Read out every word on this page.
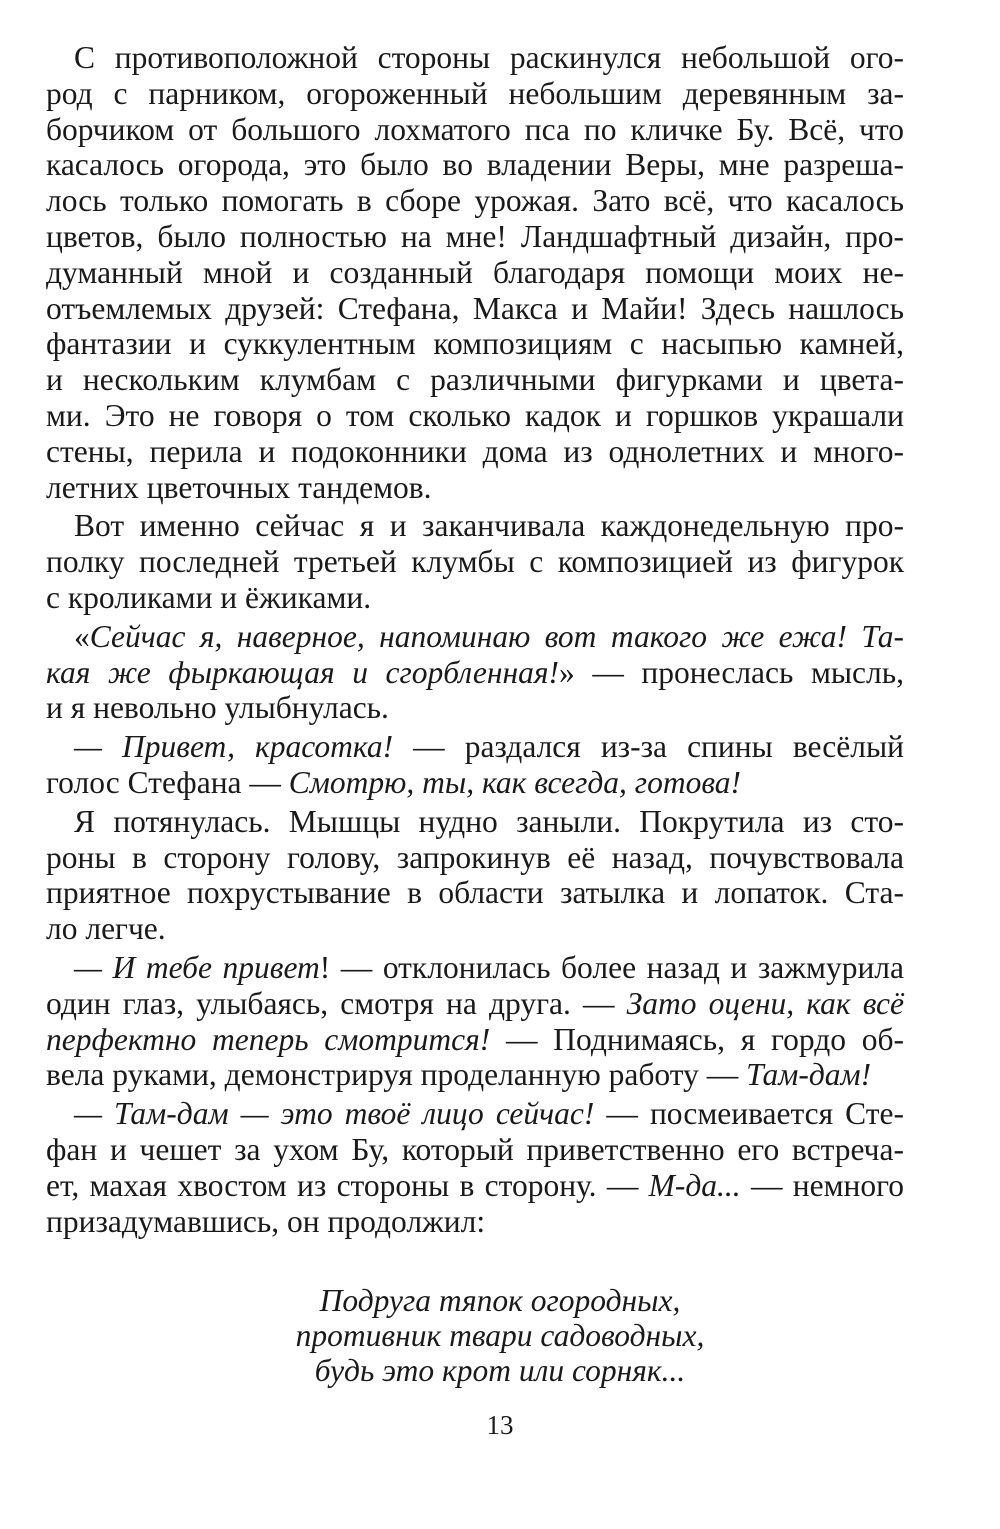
С противоположной стороны раскинулся небольшой ого-
род с парником, огороженный небольшим деревянным за-
борчиком от большого лохматого пса по кличке Бу. Всё, что
касалось огорода, это было во владении Веры, мне разреша-
лось только помогать в сборе урожая. Зато всё, что касалось
цветов, было полностью на мне! Ландшафтный дизайн, про-
думанный мной и созданный благодаря помощи моих не-
отъемлемых друзей: Стефана, Макса и Майи! Здесь нашлось
фантазии и суккулентным композициям с насыпью камней,
и нескольким клумбам с различными фигурками и цвета-
ми. Это не говоря о том сколько кадок и горшков украшали
стены, перила и подоконники дома из однолетних и много-
летних цветочных тандемов.
Вот именно сейчас я и заканчивала каждонедельную про-
полку последней третьей клумбы с композицией из фигурок
с кроликами и ёжиками.
«Сейчас я, наверное, напоминаю вот такого же ежа! Та-
кая же фыркающая и сгорбленная!» — пронеслась мысль,
и я невольно улыбнулась.
— Привет, красотка! — раздался из-за спины весёлый
голос Стефана — Смотрю, ты, как всегда, готова!
Я потянулась. Мышцы нудно заныли. Покрутила из сто-
роны в сторону голову, запрокинув её назад, почувствовала
приятное похрустывание в области затылка и лопаток. Ста-
ло легче.
— И тебе привет! — отклонилась более назад и зажмурила
один глаз, улыбаясь, смотря на друга. — Зато оцени, как всё
перфектно теперь смотрится! — Поднимаясь, я гордо об-
вела руками, демонстрируя проделанную работу — Там-дам!
— Там-дам — это твоё лицо сейчас! — посмеивается Сте-
фан и чешет за ухом Бу, который приветственно его встреча-
ет, махая хвостом из стороны в сторону. — М-да... — немного
призадумавшись, он продолжил:
Подруга тяпок огородных,
противник твари садоводных,
будь это крот или сорняк...
13
